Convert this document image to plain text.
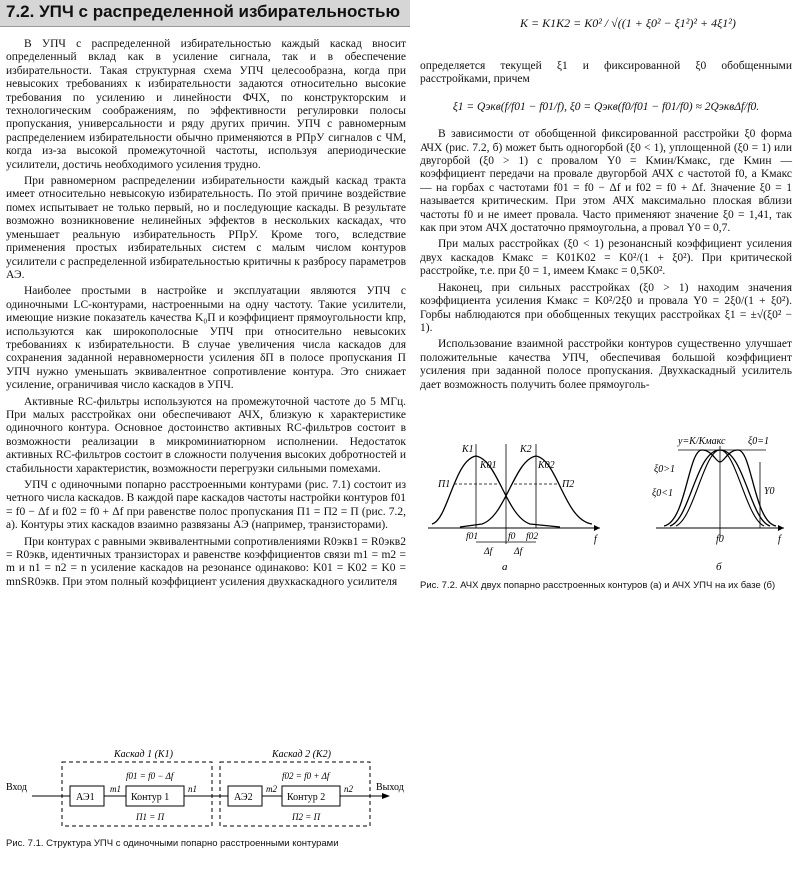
7.2. УПЧ с распределенной избирательностью

В УПЧ с распределенной избирательностью каждый каскад вносит определенный вклад как в усиление сигнала, так и в обеспечение избирательности. Такая структурная схема УПЧ целесообразна, когда при невысоких требованиях к избирательности задаются относительно высокие требования по усилению и линейности ФЧХ, по конструкторским и технологическим соображениям, по эффективности регулировки полосы пропускания, универсальности и ряду других причин. УПЧ с равномерным распределением избирательности обычно применяются в РПрУ сигналов с ЧМ, когда из-за высокой промежуточной частоты, используя апериодические усилители, достичь необходимого усиления трудно.

При равномерном распределении избирательности каждый каскад тракта имеет относительно невысокую избирательность. По этой причине воздействие помех испытывает не только первый, но и последующие каскады. В результате возможно возникновение нелинейных эффектов в нескольких каскадах, что уменьшает реальную избирательность РПрУ. Кроме того, вследствие применения простых избирательных систем с малым числом контуров усилители с распределенной избирательностью критичны к разбросу параметров АЭ.

Наиболее простыми в настройке и эксплуатации являются УПЧ с одиночными LC-контурами, настроенными на одну частоту. Такие усилители, имеющие низкие показатель качества K₀П и коэффициент прямоугольности kпр, используются как широкополосные УПЧ при относительно невысоких требованиях к избирательности. В случае увеличения числа каскадов для сохранения заданной неравномерности усиления δП в полосе пропускания П УПЧ нужно уменьшать эквивалентное сопротивление контура. Это снижает усиление, ограничивая число каскадов в УПЧ.

Активные RC-фильтры используются на промежуточной частоте до 5 МГц. При малых расстройках они обеспечивают АЧХ, близкую к характеристике одиночного контура. Основное достоинство активных RC-фильтров состоит в возможности реализации в микроминиатюрном исполнении. Недостаток активных RC-фильтров состоит в сложности получения высоких добротностей и стабильности характеристик, возможности перегрузки сильными помехами.

УПЧ с одиночными попарно расстроенными контурами (рис. 7.1) состоит из четного числа каскадов. В каждой паре каскадов частоты настройки контуров f01 = f0 − Δf и f02 = f0 + Δf при равенстве полос пропускания П1 = П2 = П (рис. 7.2, а). Контуры этих каскадов взаимно развязаны АЭ (например, транзисторами).

При контурах с равными эквивалентными сопротивлениями R0экв1 = R0экв2 = R0экв, идентичных транзисторах и равенстве коэффициентов связи m1 = m2 = m и n1 = n2 = n усиление каскадов на резонансе одинаково: K01 = K02 = K0 = mnSR0экв. При этом полный коэффициент усиления двухкаскадного усилителя

K = K1K2 = K0² / √((1 + ξ0² − ξ1²)² + 4ξ1²)

определяется текущей ξ1 и фиксированной ξ0 обобщенными расстройками, причем

ξ1 = Qэкв(f/f01 − f01/f), ξ0 = Qэкв(f0/f01 − f01/f0) ≈ 2QэквΔf/f0.

В зависимости от обобщенной фиксированной расстройки ξ0 форма АЧХ (рис. 7.2, б) может быть одногорбой (ξ0 < 1), уплощенной (ξ0 = 1) или двугорбой (ξ0 > 1) с провалом Y0 = Kмин/Kмакс, где Kмин — коэффициент передачи на провале двугорбой АЧХ с частотой f0, а Kмакс — на горбах с частотами f01 = f0 − Δf и f02 = f0 + Δf. Значение ξ0 = 1 называется критическим. При этом АЧХ максимально плоская вблизи частоты f0 и не имеет провала. Часто применяют значение ξ0 = 1,41, так как при этом АЧХ достаточно прямоугольна, а провал Y0 = 0,7.

При малых расстройках (ξ0 < 1) резонансный коэффициент усиления двух каскадов Kмакс = K01K02 = K0²/(1 + ξ0²). При критической расстройке, т.е. при ξ0 = 1, имеем Kмакс = 0,5K0².

Наконец, при сильных расстройках (ξ0 > 1) находим значения коэффициента усиления Kмакс = K0²/2ξ0 и провала Y0 = 2ξ0/(1 + ξ0²). Горбы наблюдаются при обобщенных текущих расстройках ξ1 = ±√(ξ0² − 1).

Использование взаимной расстройки контуров существенно улучшает положительные качества УПЧ, обеспечивая большой коэффициент усиления при заданной полосе пропускания. Двухкаскадный усилитель дает возможность получить более прямоуголь-

K1
K01
K2
K02
П1	П2
f01	f0 f02
Δf Δf
f
а
y=K/Kмакс ξ0=1
ξ0>1
ξ0<1	Y0
f0	f
б
Рис. 7.2. АЧХ двух попарно расстроенных контуров (а) и АЧХ УПЧ на их базе (б)
Каскад 1 (K1)	Каскад 2 (K2)
Вход	Выход
АЭ1
m1
Контур 1
f01 = f0 − Δf
П1 = П
n1
АЭ2
m2
Контур 2
f02 = f0 + Δf
П2 = П
n2
Рис. 7.1. Структура УПЧ с одиночными попарно расстроенными контурами
